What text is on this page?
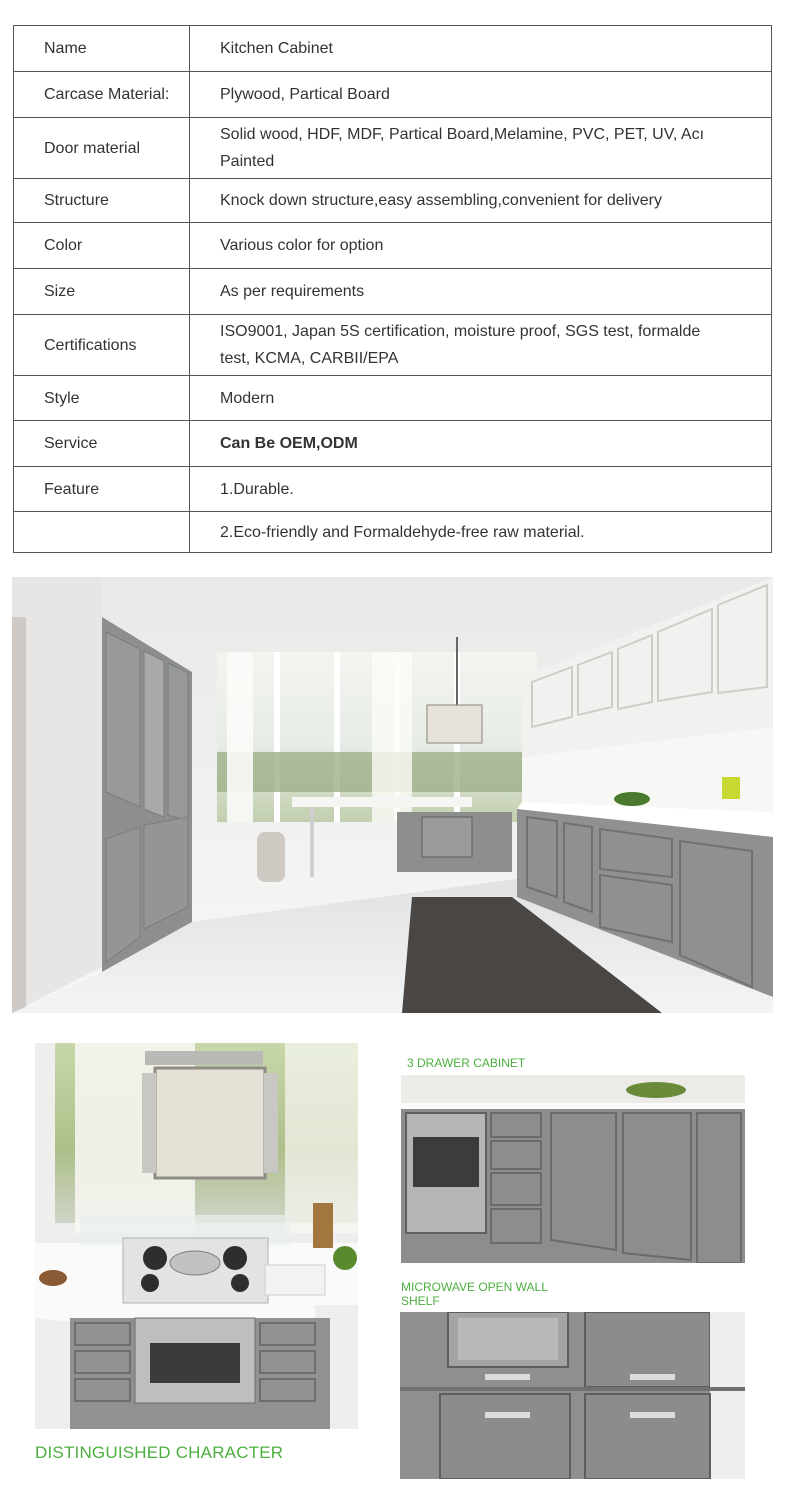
Name	Kitchen Cabinet

Carcase Material:	Plywood, Partical Board

Door material	Solid wood, HDF, MDF, Partical Board,Melamine, PVC, PET, UV, Acı
Painted

Structure	Knock down structure,easy assembling,convenient for delivery

Color	Various color for option

Size	As per requirements

Certifications	ISO9001, Japan 5S certification, moisture proof, SGS test, formalde
test, KCMA, CARBII/EPA

Style	Modern

Service	Can Be OEM,ODM

Feature	1.Durable.

	2.Eco-friendly and Formaldehyde-free raw material.
3 DRAWER CABINET
MICROWAVE OPEN WALL
SHELF
DISTINGUISHED CHARACTER
